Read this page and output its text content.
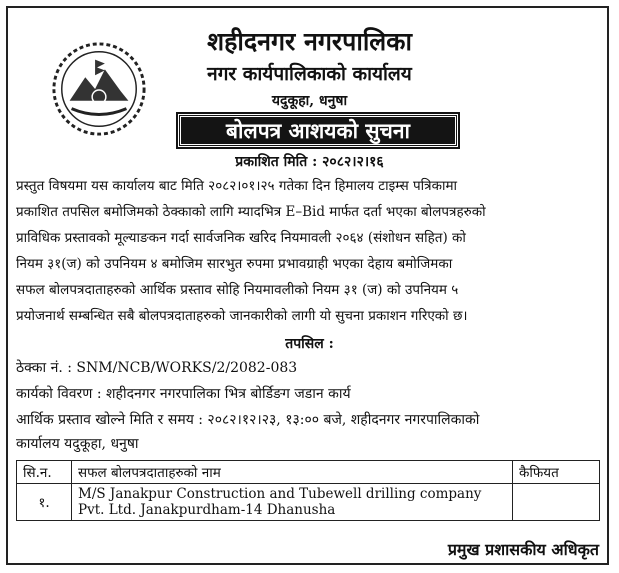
शहीदनगर नगरपालिका
नगर कार्यपालिकाको कार्यालय
यदुकूहा, धनुषा
बोलपत्र आशयको सुचना
प्रकाशित मिति : २०८२।२।१६
प्रस्तुत विषयमा यस कार्यालय बाट मिति २०८२।०१।२५ गतेका दिन हिमालय टाइम्स पत्रिकामा
प्रकाशित तपसिल बमोजिमको ठेक्काको लागि म्यादभित्र E–Bid मार्फत दर्ता भएका बोलपत्रहरुको
प्राविधिक प्रस्तावको मूल्याङकन गर्दा सार्वजनिक खरिद नियमावली २०६४ (संशोधन सहित) को
नियम ३१(ज) को उपनियम ४ बमोजिम सारभुत रुपमा प्रभावग्राही भएका देहाय बमोजिमका
सफल बोलपत्रदाताहरुको आर्थिक प्रस्ताव सोहि नियमावलीको नियम ३१ (ज) को उपनियम ५
प्रयोजनार्थ सम्बन्धित सबै बोलपत्रदाताहरुको जानकारीको लागी यो सुचना प्रकाशन गरिएको छ।
तपसिल :
ठेक्का नं. : SNM/NCB/WORKS/2/2082-083
कार्यको विवरण : शहीदनगर नगरपालिका भित्र बोर्डिङग जडान कार्य
आर्थिक प्रस्ताव खोल्ने मिति र समय : २०८२।१२।२३, १३:०० बजे, शहीदनगर नगरपालिकाको
कार्यालय यदुकूहा, धनुषा
सि.न.	सफल बोलपत्रदाताहरुको नाम	कैफियत
१.	M/S Janakpur Construction and Tubewell drilling company
Pvt. Ltd. Janakpurdham-14 Dhanusha	

प्रमुख प्रशासकीय अधिकृत
